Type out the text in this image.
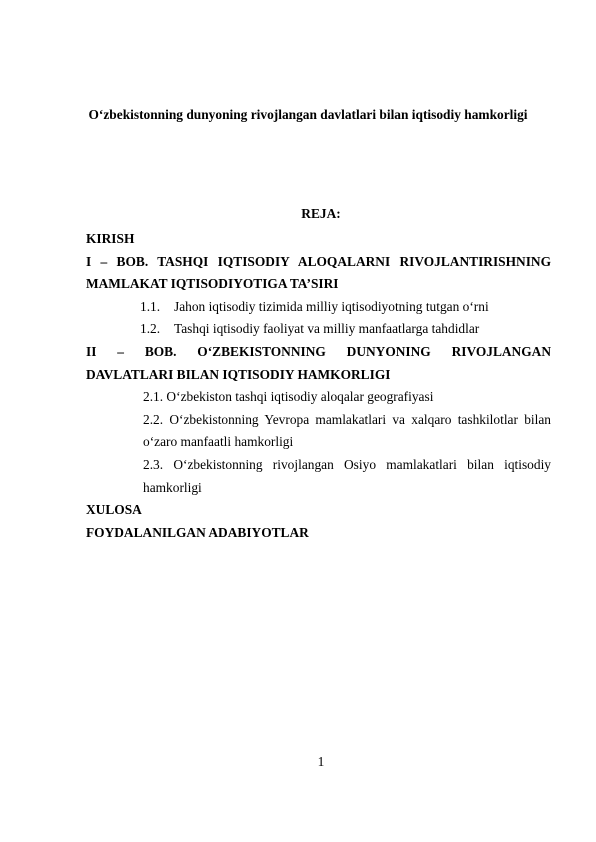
O‘zbekistonning dunyoning rivojlangan davlatlari bilan iqtisodiy hamkorligi
REJA:
KIRISH
I – BOB. TASHQI IQTISODIY ALOQALARNI RIVOJLANTIRISHNING
MAMLAKAT IQTISODIYOTIGA TA’SIRI
1.1.	Jahon iqtisodiy tizimida milliy iqtisodiyotning tutgan o‘rni
1.2.	Tashqi iqtisodiy faoliyat va milliy manfaatlarga tahdidlar
II – BOB. O‘ZBEKISTONNING DUNYONING RIVOJLANGAN
DAVLATLARI BILAN IQTISODIY HAMKORLIGI
2.1. O‘zbekiston tashqi iqtisodiy aloqalar geografiyasi
2.2. O‘zbekistonning Yevropa mamlakatlari va xalqaro tashkilotlar bilan o‘zaro manfaatli hamkorligi
2.3. O‘zbekistonning rivojlangan Osiyo mamlakatlari bilan iqtisodiy hamkorligi
XULOSA
FOYDALANILGAN ADABIYOTLAR
1
